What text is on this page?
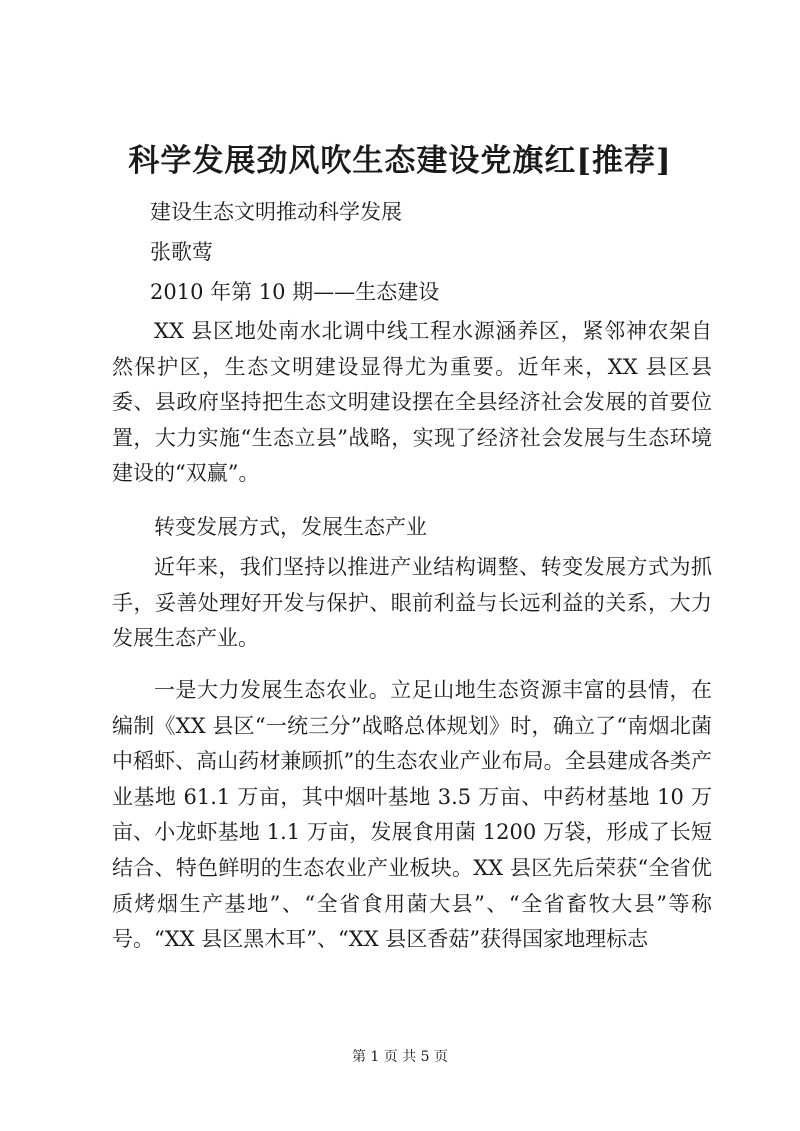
科学发展劲风吹生态建设党旗红[推荐]
建设生态文明推动科学发展
张歌莺
2010 年第 10 期——生态建设
XX 县区地处南水北调中线工程水源涵养区，紧邻神农架自然保护区，生态文明建设显得尤为重要。近年来，XX 县区县委、县政府坚持把生态文明建设摆在全县经济社会发展的首要位置，大力实施“生态立县”战略，实现了经济社会发展与生态环境建设的“双赢”。
转变发展方式，发展生态产业
近年来，我们坚持以推进产业结构调整、转变发展方式为抓手，妥善处理好开发与保护、眼前利益与长远利益的关系，大力发展生态产业。
一是大力发展生态农业。立足山地生态资源丰富的县情，在编制《XX 县区“一统三分”战略总体规划》时，确立了“南烟北菌中稻虾、高山药材兼顾抓”的生态农业产业布局。全县建成各类产业基地 61.1 万亩，其中烟叶基地 3.5 万亩、中药材基地 10 万亩、小龙虾基地 1.1 万亩，发展食用菌 1200 万袋，形成了长短结合、特色鲜明的生态农业产业板块。XX 县区先后荣获“全省优质烤烟生产基地”、“全省食用菌大县”、“全省畜牧大县”等称号。“XX 县区黑木耳”、“XX 县区香菇”获得国家地理标志
第 1 页 共 5 页
